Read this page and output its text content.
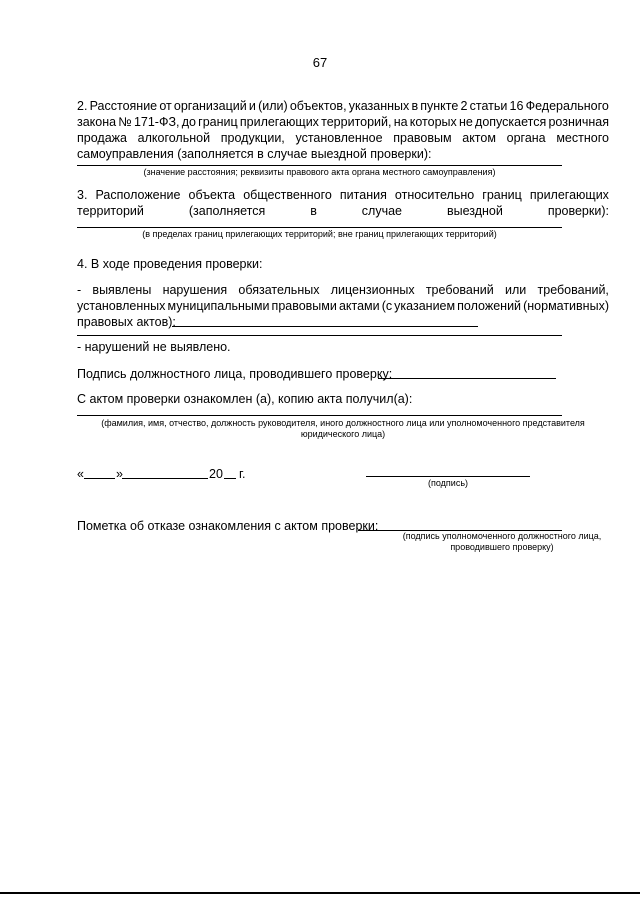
67
2. Расстояние от организаций и (или) объектов, указанных в пункте 2 статьи 16 Федерального
закона № 171-ФЗ, до границ прилегающих территорий, на которых не допускается розничная
продажа алкогольной продукции, установленное правовым актом органа местного
самоуправления (заполняется в случае выездной проверки):
(значение расстояния; реквизиты правового акта органа местного самоуправления)
3. Расположение объекта общественного питания относительно границ прилегающих
территорий	(заполняется	в	случае	выездной	проверки):
(в пределах границ прилегающих территорий; вне границ прилегающих территорий)
4. В ходе проведения проверки:
- выявлены нарушения обязательных лицензионных требований или требований,
установленных муниципальными правовыми актами (с указанием положений (нормативных)
правовых актов):
- нарушений не выявлено.
Подпись должностного лица, проводившего проверку:
С актом проверки ознакомлен (а), копию акта получил(а):
(фамилия, имя, отчество, должность руководителя, иного должностного лица или уполномоченного представителя
юридического лица)
«	»	20 г.
(подпись)
Пометка об отказе ознакомления с актом проверки:
(подпись уполномоченного должностного лица,
проводившего проверку)
